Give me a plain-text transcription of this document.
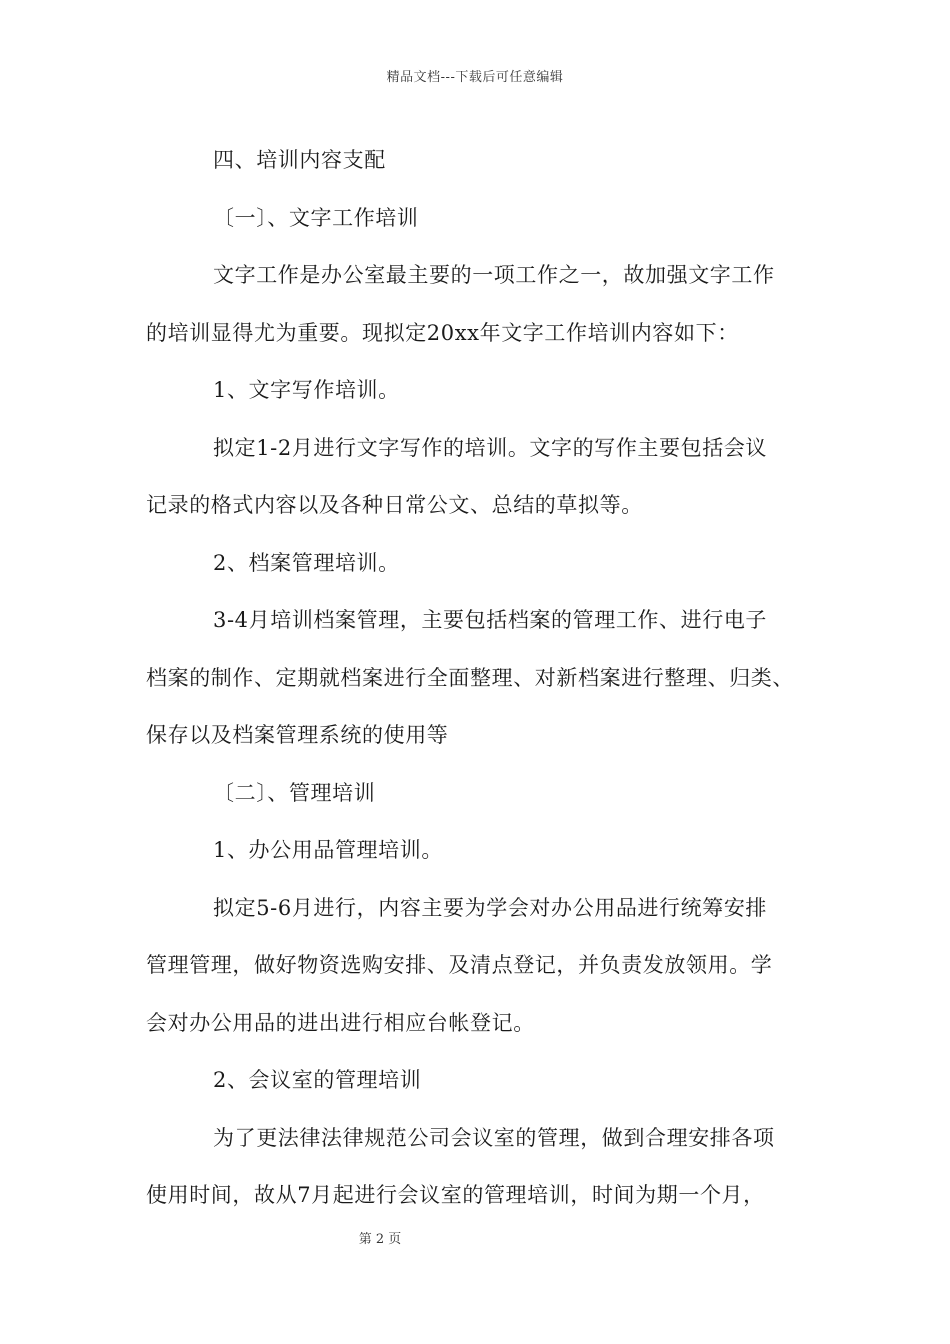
精品文档---下载后可任意编辑
四、培训内容支配
〔一〕、文字工作培训
文字工作是办公室最主要的一项工作之一，故加强文字工作
的培训显得尤为重要。现拟定20xx年文字工作培训内容如下：
1、文字写作培训。
拟定1-2月进行文字写作的培训。文字的写作主要包括会议
记录的格式内容以及各种日常公文、总结的草拟等。
2、档案管理培训。
3-4月培训档案管理，主要包括档案的管理工作、进行电子
档案的制作、定期就档案进行全面整理、对新档案进行整理、归类、
保存以及档案管理系统的使用等
〔二〕、管理培训
1、办公用品管理培训。
拟定5-6月进行，内容主要为学会对办公用品进行统筹安排
管理管理，做好物资选购安排、及清点登记，并负责发放领用。学
会对办公用品的进出进行相应台帐登记。
2、会议室的管理培训
为了更法律法律规范公司会议室的管理，做到合理安排各项
使用时间，故从7月起进行会议室的管理培训，时间为期一个月，
第 2 页
